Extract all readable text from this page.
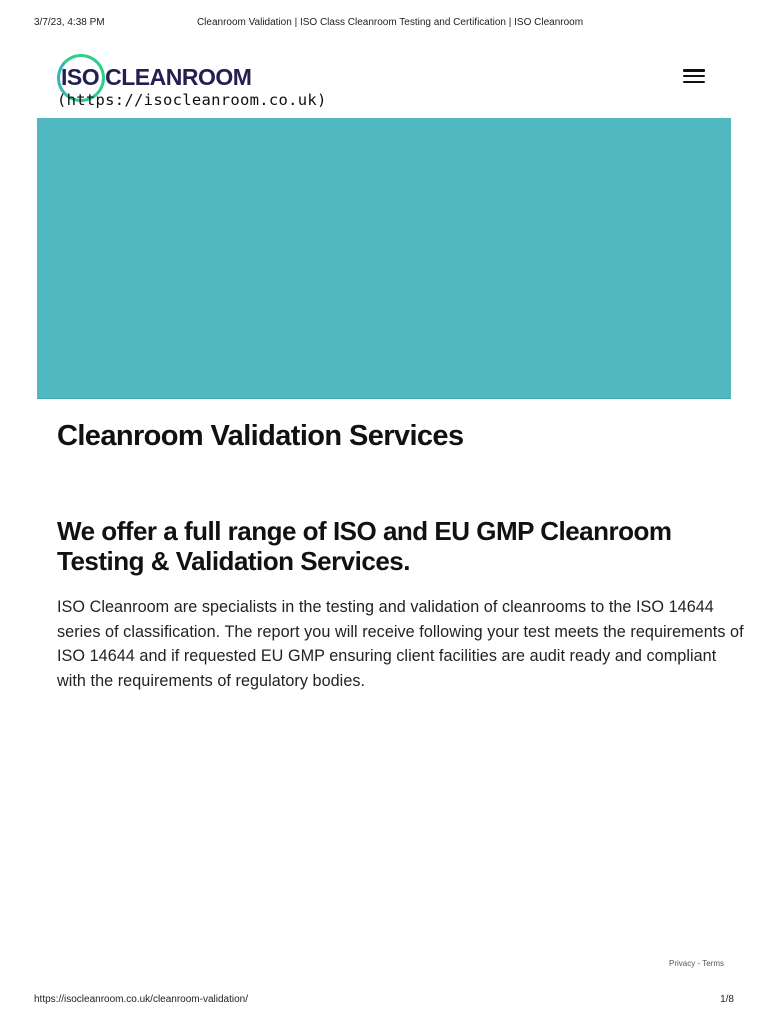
3/7/23, 4:38 PM	Cleanroom Validation | ISO Class Cleanroom Testing and Certification | ISO Cleanroom
ISO CLEANROOM
(https://isocleanroom.co.uk)
Cleanroom Validation Services
We offer a full range of ISO and EU GMP Cleanroom Testing & Validation Services.

ISO Cleanroom are specialists in the testing and validation of cleanrooms to the ISO 14644 series of classification. The report you will receive following your test meets the requirements of ISO 14644 and if requested EU GMP ensuring client facilities are audit ready and compliant with the requirements of regulatory bodies.

Privacy - Terms
https://isocleanroom.co.uk/cleanroom-validation/	1/8
